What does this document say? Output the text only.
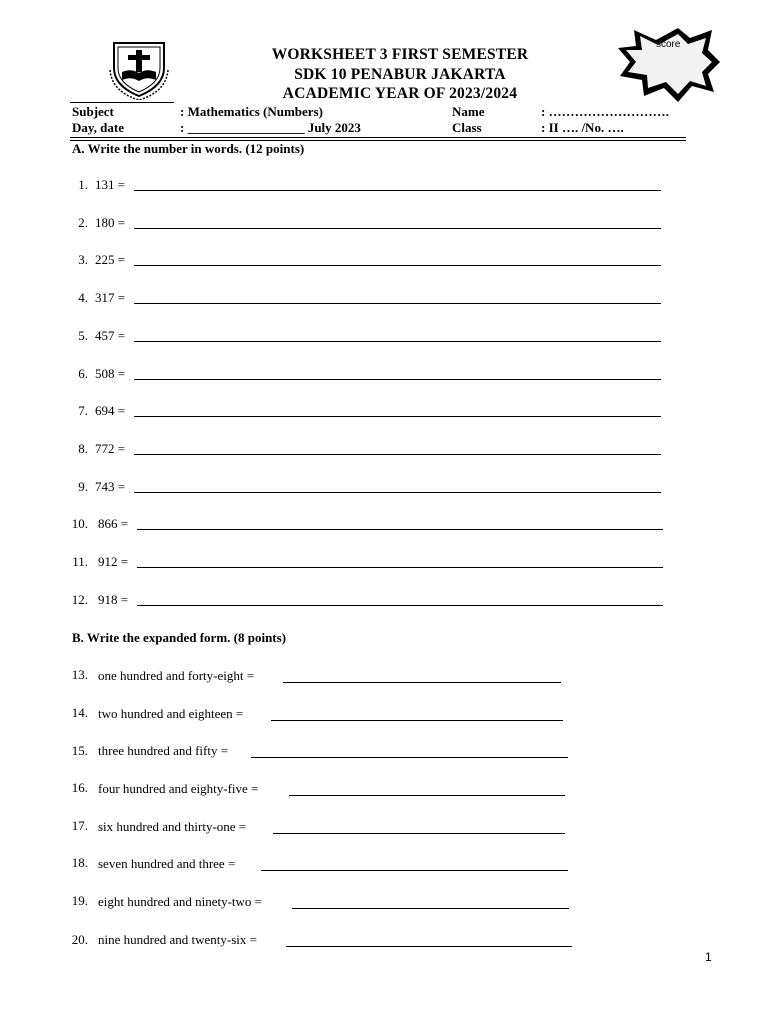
WORKSHEET 3 FIRST SEMESTER
SDK 10 PENABUR JAKARTA
ACADEMIC YEAR OF 2023/2024
score
Subject	: Mathematics (Numbers)	Name	: ……………………….
Day, date	: __________________ July 2023	Class	: II …. /No. ….
A. Write the number in words. (12 points)
1. 131 =
2. 180 =
3. 225 =
4. 317 =
5. 457 =
6. 508 =
7. 694 =
8. 772 =
9. 743 =
10. 866 =
11. 912 =
12. 918 =
B. Write the expanded form. (8 points)
13. one hundred and forty-eight =
14. two hundred and eighteen =
15. three hundred and fifty =
16. four hundred and eighty-five =
17. six hundred and thirty-one =
18. seven hundred and three =
19. eight hundred and ninety-two =
20. nine hundred and twenty-six =
1
